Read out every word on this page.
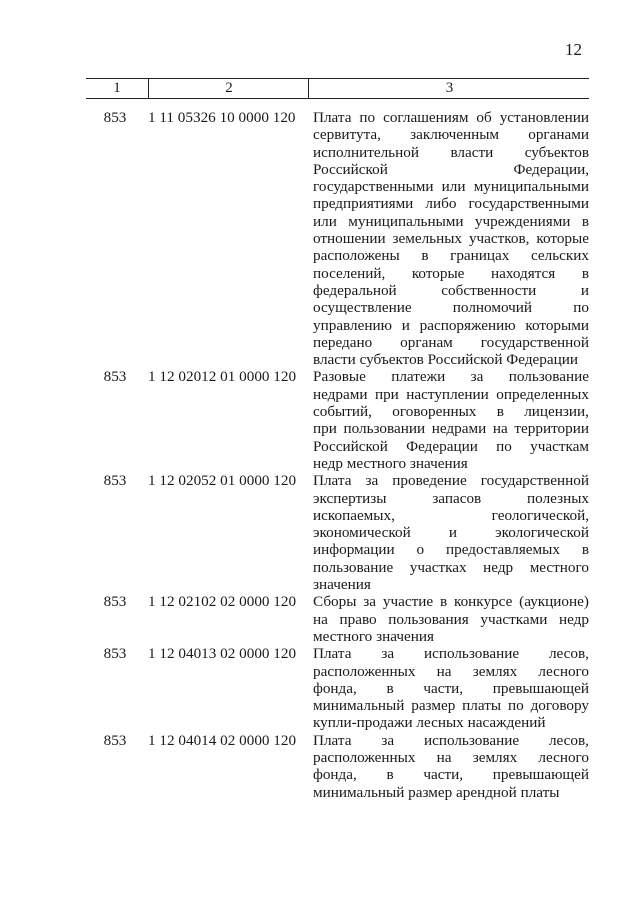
12
1	2	3
853	1 11 05326 10 0000 120	Плата по соглашениям об установлении
сервитута, заключенным органами
исполнительной власти субъектов
Российской	Федерации,
государственными или муниципальными
предприятиями либо государственными
или муниципальными учреждениями в
отношении земельных участков, которые
расположены в границах сельских
поселений, которые находятся в
федеральной	собственности	и
осуществление	полномочий	по
управлению и распоряжению которыми
передано органам государственной
власти субъектов Российской Федерации
853	1 12 02012 01 0000 120	Разовые платежи за пользование
недрами при наступлении определенных
событий, оговоренных в лицензии,
при пользовании недрами на территории
Российской Федерации по участкам
недр местного значения
853	1 12 02052 01 0000 120	Плата за проведение государственной
экспертизы	запасов	полезных
ископаемых,	геологической,
экономической	и	экологической
информации о предоставляемых в
пользование участках недр местного
значения
853	1 12 02102 02 0000 120	Сборы за участие в конкурсе (аукционе)
на право пользования участками недр
местного значения
853	1 12 04013 02 0000 120	Плата за использование лесов,
расположенных на землях лесного
фонда, в части, превышающей
минимальный размер платы по договору
купли-продажи лесных насаждений
853	1 12 04014 02 0000 120	Плата за использование лесов,
расположенных на землях лесного
фонда, в части, превышающей
минимальный размер арендной платы
